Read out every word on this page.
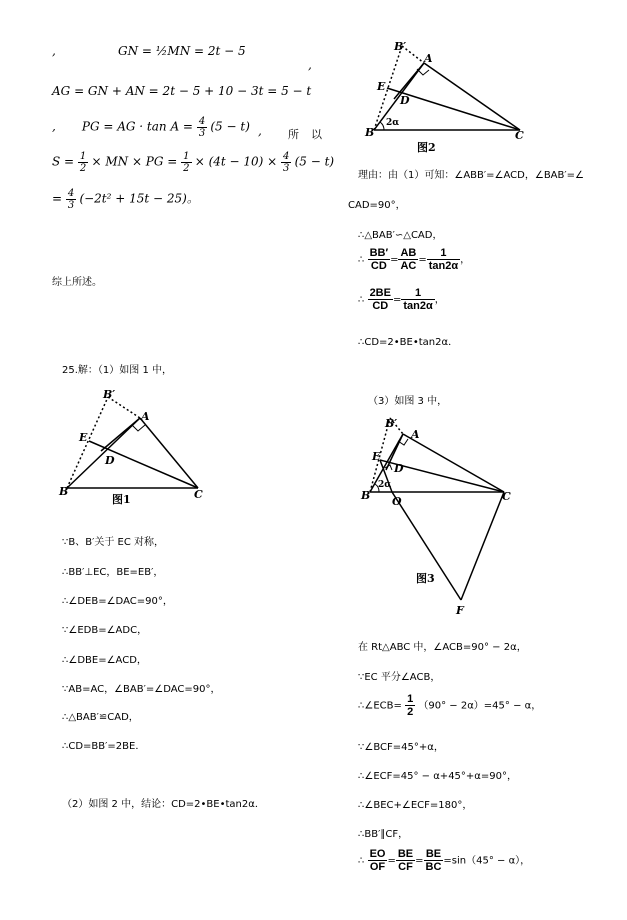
,	GN = ½MN = 2t − 5
,
AG = GN + AN = 2t − 5 + 10 − 3t = 5 − t
,       PG = AG · $\tan A = \frac{4}{3} (5 - t)$ , 所 以
$S = \frac{1}{2}$ × MN × PG = $\frac{1}{2} \times (4t - 10) \times \frac{4}{3} (5 - t)$
= $\frac{4}{3} (-2t^2 + 15t - 25)$。
综上所述。
25.解：（1）如图 1 中，
B′
A
E
D
B	C
图1
∵B、B′关于 EC 对称，
∴BB′⊥EC，BE=EB′，
∴∠DEB=∠DAC=90°，
∵∠EDB=∠ADC，
∴∠DBE=∠ACD，
∵AB=AC，∠BAB′=∠DAC=90°，
∴△BAB′≌CAD，
∴CD=BB′=2BE．
（2）如图 2 中，结论：CD=2•BE•tan2α．
B′
A
E
D
B
2α
C
图2
理由：由（1）可知：∠ABB′=∠ACD，∠BAB′=∠
CAD=90°，
∴△BAB′∽△CAD，
∴ $\frac{BB'}{CD} = \frac{AB}{AC} = \frac{1}{\tan 2\alpha}$ ，
∴ $\frac{2BE}{CD} = \frac{1}{\tan 2\alpha}$ ，
∴CD=2•BE•tan2α．
（3）如图 3 中，
B′
A
E
D
2α
B O	C
F
图3
在 Rt△ABC 中，∠ACB=90° − 2α，
∵EC 平分∠ACB，
∴∠ECB= $\frac{1}{2} (90^\circ - 2\alpha)=45^\circ - \alpha$，
∵∠BCF=45°+α，
∴∠ECF=45° − α+45°+α=90°，
∴∠BEC+∠ECF=180°，
∴BB′∥CF，
∴ $\frac{EO}{OF} = \frac{BE}{CF} = \frac{BE}{BC} =\sin(45^\circ - \alpha)$，
